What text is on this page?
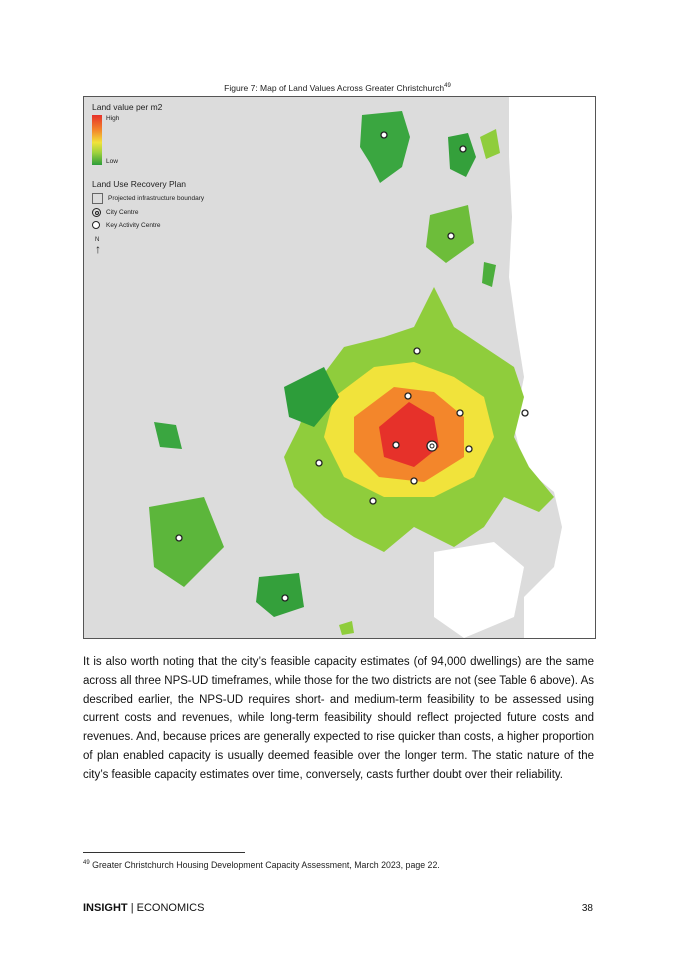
Figure 7: Map of Land Values Across Greater Christchurch$^{49}$
Land value per m2
High
Low
Land Use Recovery Plan
Projected infrastructure boundary
City Centre
Key Activity Centre
N
↑
It is also worth noting that the city’s feasible capacity estimates (of 94,000 dwellings) are the same across all three NPS-UD timeframes, while those for the two districts are not (see Table 6 above). As described earlier, the NPS-UD requires short- and medium-term feasibility to be assessed using current costs and revenues, while long-term feasibility should reflect projected future costs and revenues. And, because prices are generally expected to rise quicker than costs, a higher proportion of plan enabled capacity is usually deemed feasible over the longer term. The static nature of the city’s feasible capacity estimates over time, conversely, casts further doubt over their reliability.
$^{49}$ Greater Christchurch Housing Development Capacity Assessment, March 2023, page 22.
INSIGHT | ECONOMICS	38
